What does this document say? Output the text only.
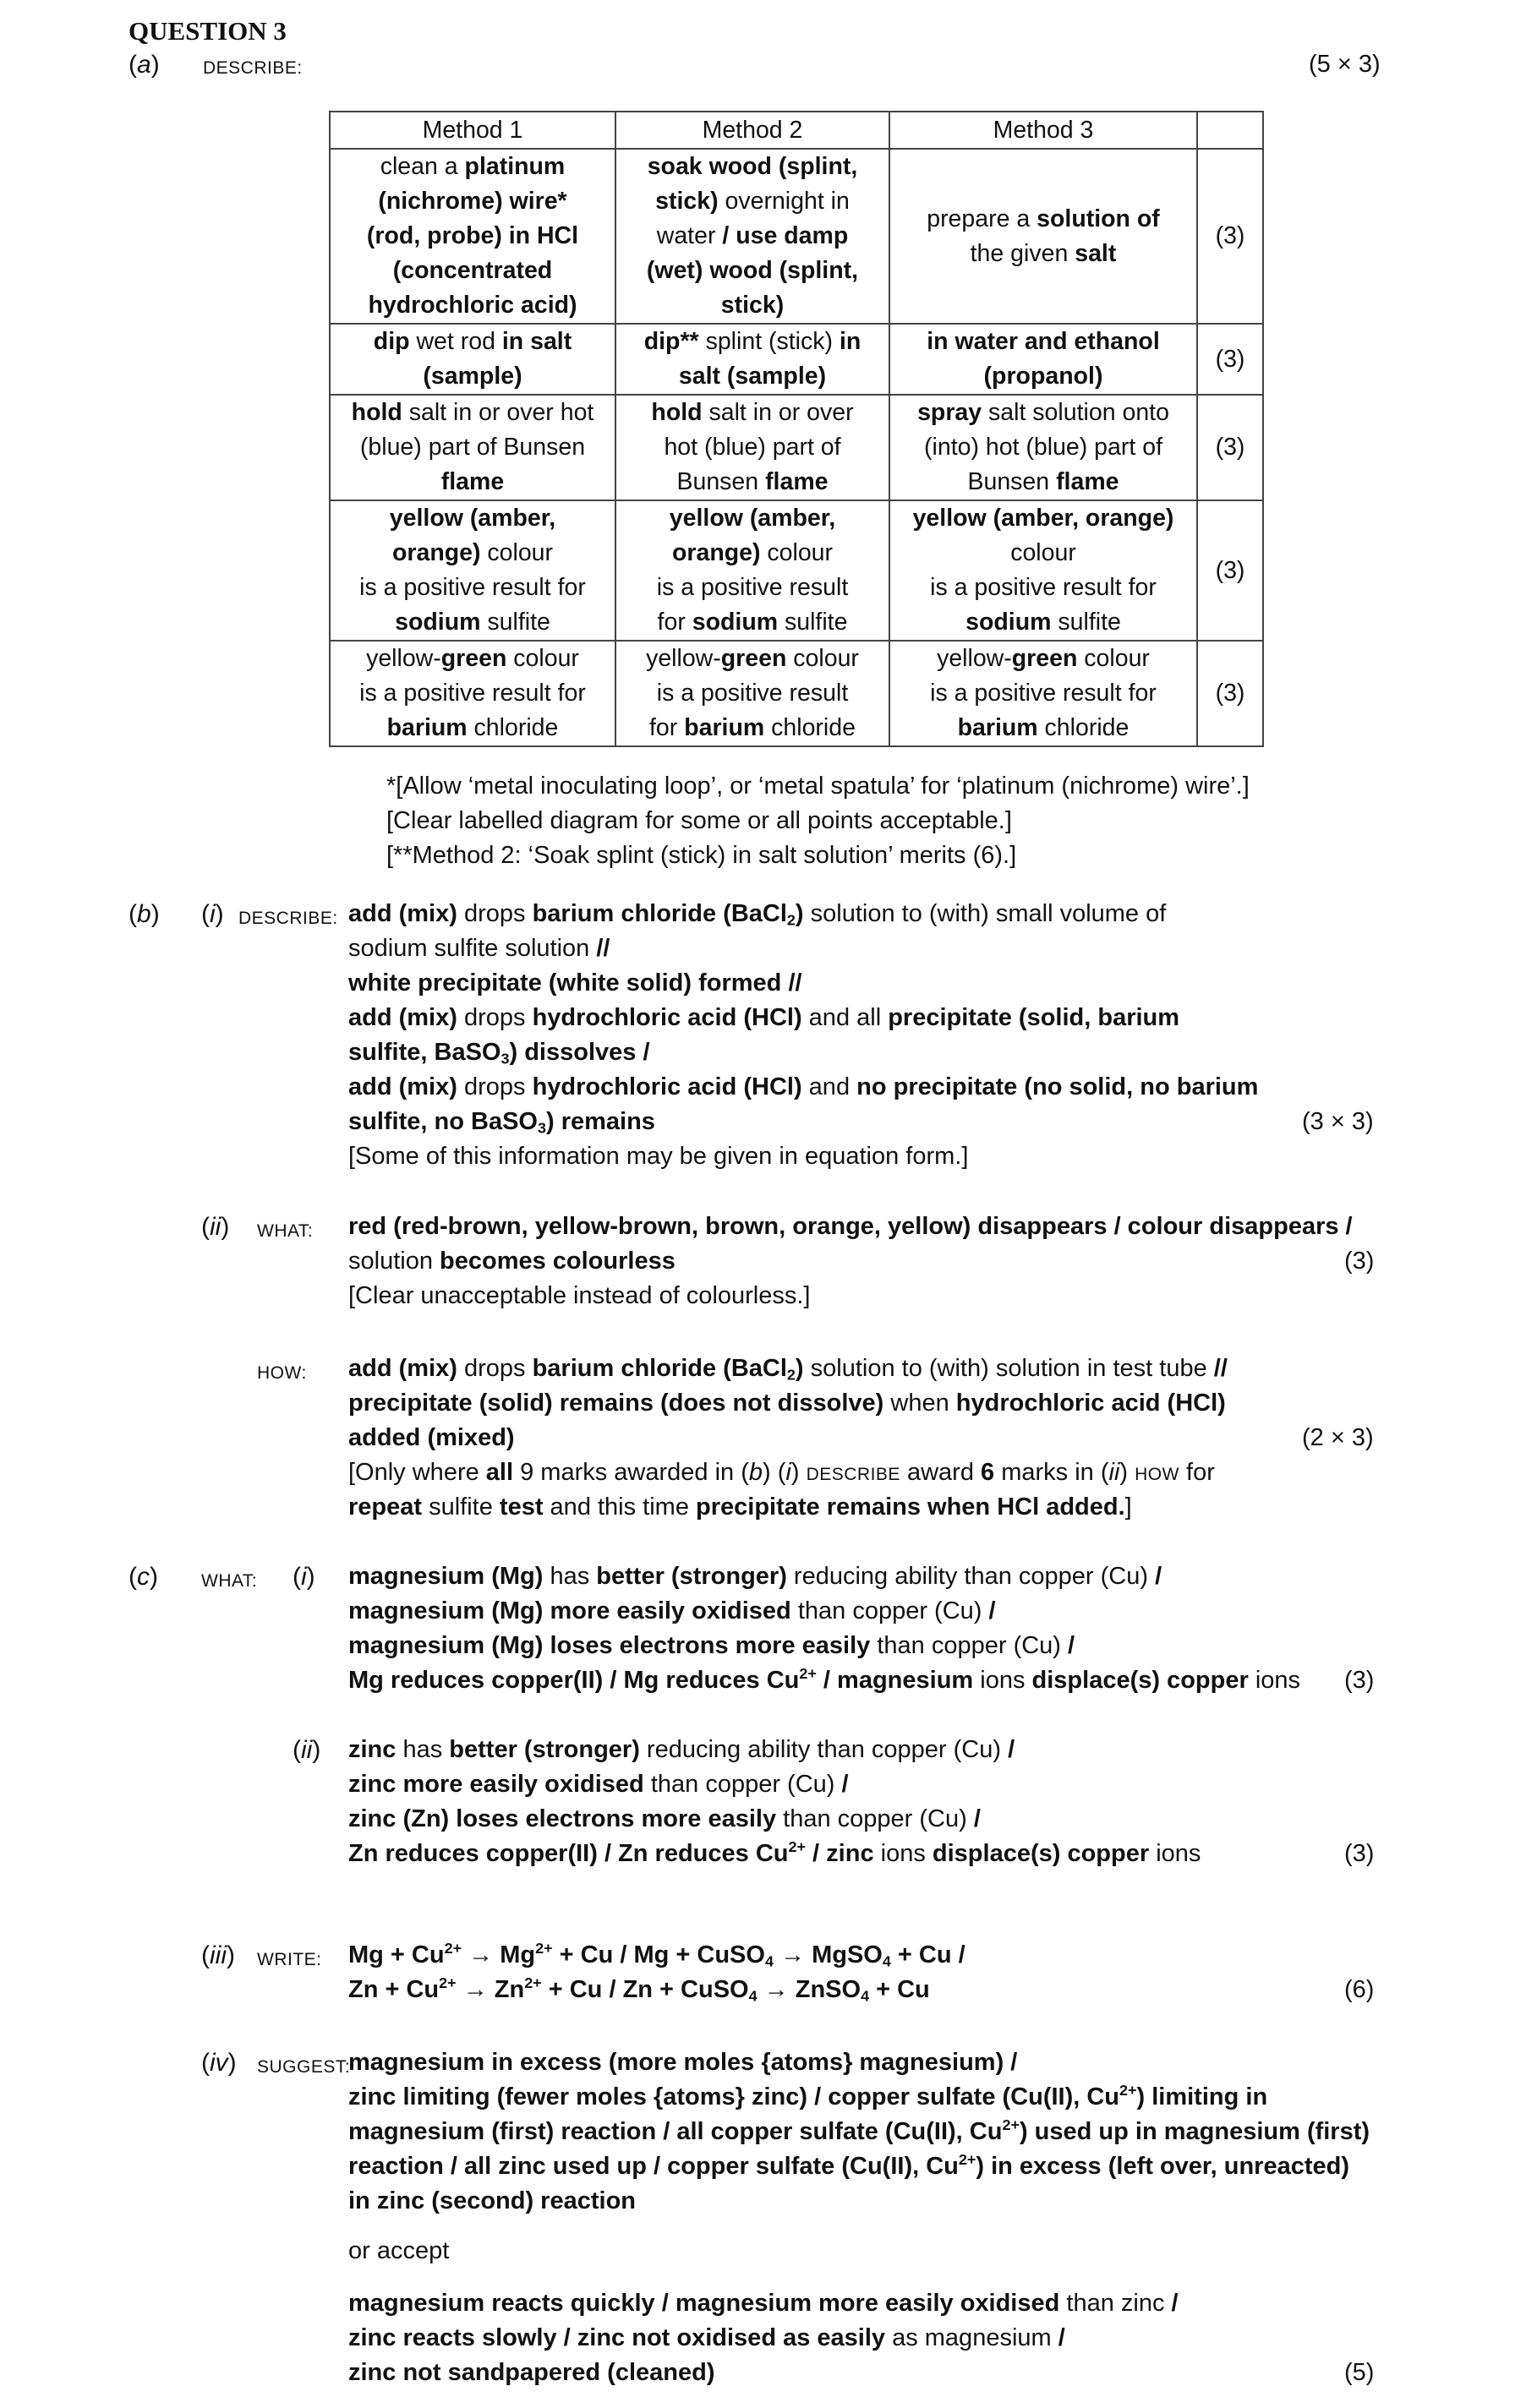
QUESTION 3
(a) DESCRIBE:	(5 × 3)
Method 1	Method 2	Method 3	

clean a platinum
(nichrome) wire*
(rod, probe) in HCl
(concentrated
hydrochloric acid)

soak wood (splint,
stick) overnight in
water / use damp
(wet) wood (splint,
stick)

prepare a solution of
the given salt
	(3)

dip wet rod in salt
(sample)

dip** splint (stick) in
salt (sample)

in water and ethanol
(propanol)
	(3)

hold salt in or over hot
(blue) part of Bunsen
flame

hold salt in or over
hot (blue) part of
Bunsen flame

spray salt solution onto
(into) hot (blue) part of
Bunsen flame
	(3)

yellow (amber,
orange) colour
is a positive result for
sodium sulfite

yellow (amber,
orange) colour
is a positive result
for sodium sulfite

yellow (amber, orange)
colour
is a positive result for
sodium sulfite
	(3)

yellow-green colour
is a positive result for
barium chloride

yellow-green colour
is a positive result
for barium chloride

yellow-green colour
is a positive result for
barium chloride
	(3)
*[Allow ‘metal inoculating loop’, or ‘metal spatula’ for ‘platinum (nichrome) wire’.]
[Clear labelled diagram for some or all points acceptable.]
[**Method 2: ‘Soak splint (stick) in salt solution’ merits (6).]
(b) (i) DESCRIBE: add (mix) drops barium chloride (BaCl$_2$) solution to (with) small volume of
sodium sulfite solution //
white precipitate (white solid) formed //
add (mix) drops hydrochloric acid (HCl) and all precipitate (solid, barium
sulfite, BaSO$_3$) dissolves /
add (mix) drops hydrochloric acid (HCl) and no precipitate (no solid, no barium
sulfite, no BaSO$_3$) remains
[Some of this information may be given in equation form.]
(3 × 3)
(ii) WHAT: red (red-brown, yellow-brown, brown, orange, yellow) disappears / colour disappears /
solution becomes colourless
[Clear unacceptable instead of colourless.]
(3)
HOW: add (mix) drops barium chloride (BaCl$_2$) solution to (with) solution in test tube //
precipitate (solid) remains (does not dissolve) when hydrochloric acid (HCl)
added (mixed)
[Only where all 9 marks awarded in (b) (i) DESCRIBE award 6 marks in (ii) HOW for
repeat sulfite test and this time precipitate remains when HCl added.]
(2 × 3)
(c) WHAT: (i) magnesium (Mg) has better (stronger) reducing ability than copper (Cu) /
magnesium (Mg) more easily oxidised than copper (Cu) /
magnesium (Mg) loses electrons more easily than copper (Cu) /
Mg reduces copper(II) / Mg reduces $Cu^{2+}$ / magnesium ions displace(s) copper ions (3)
(ii) zinc has better (stronger) reducing ability than copper (Cu) /
zinc more easily oxidised than copper (Cu) /
zinc (Zn) loses electrons more easily than copper (Cu) /
Zn reduces copper(II) / Zn reduces $Cu^{2+}$ / zinc ions displace(s) copper ions	(3)
(iii) WRITE: $Mg + Cu^{2+} \to Mg^{2+} + Cu / Mg$ + CuSO$_4$ → MgSO$_4$ + Cu /
$Zn + Cu^{2+} \to Zn^{2+} + Cu / Zn$ + CuSO$_4$ → ZnSO$_4$ + Cu	(6)
(iv) SUGGEST:
magnesium in excess (more moles {atoms} magnesium) /
zinc limiting (fewer moles {atoms} zinc) / copper sulfate (Cu(II), $Cu^{2+}$) limiting in
magnesium (first) reaction / all copper sulfate (Cu(II), $Cu^{2+}$) used up in magnesium (first)
reaction / all zinc used up / copper sulfate (Cu(II), $Cu^{2+}$) in excess (left over, unreacted)
in zinc (second) reaction
or accept
magnesium reacts quickly / magnesium more easily oxidised than zinc /
zinc reacts slowly / zinc not oxidised as easily as magnesium /
zinc not sandpapered (cleaned)	(5)
